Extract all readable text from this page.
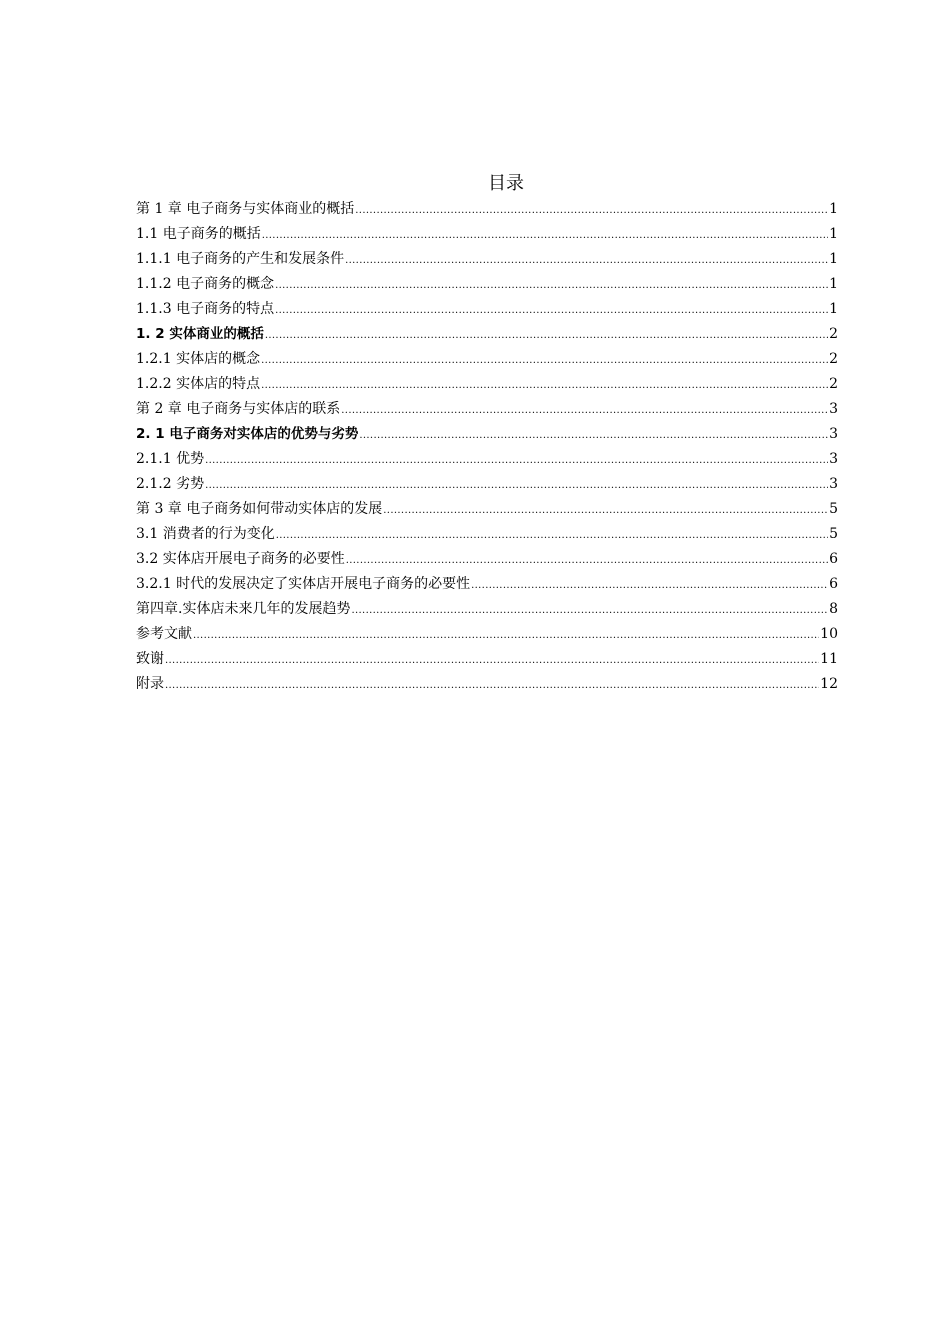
目录
第 1 章 电子商务与实体商业的概括 .....	1
1.1 电子商务的概括 .....	1
1.1.1 电子商务的产生和发展条件 .....	1
1.1.2 电子商务的概念 .....	1
1.1.3 电子商务的特点 .....	1
1. 2 实体商业的概括 .....	2
1.2.1 实体店的概念 .....	2
1.2.2 实体店的特点 .....	2
第 2 章 电子商务与实体店的联系 .....	3
2. 1 电子商务对实体店的优势与劣势 .....	3
2.1.1 优势 .....	3
2.1.2 劣势 .....	3
第 3 章 电子商务如何带动实体店的发展 .....	5
3.1 消费者的行为变化 .....	5
3.2 实体店开展电子商务的必要性 .....	6
3.2.1 时代的发展决定了实体店开展电子商务的必要性 .....	6
第四章.实体店未来几年的发展趋势 .....	8
参考文献 .....	10
致谢 .....	11
附录 .....	12
